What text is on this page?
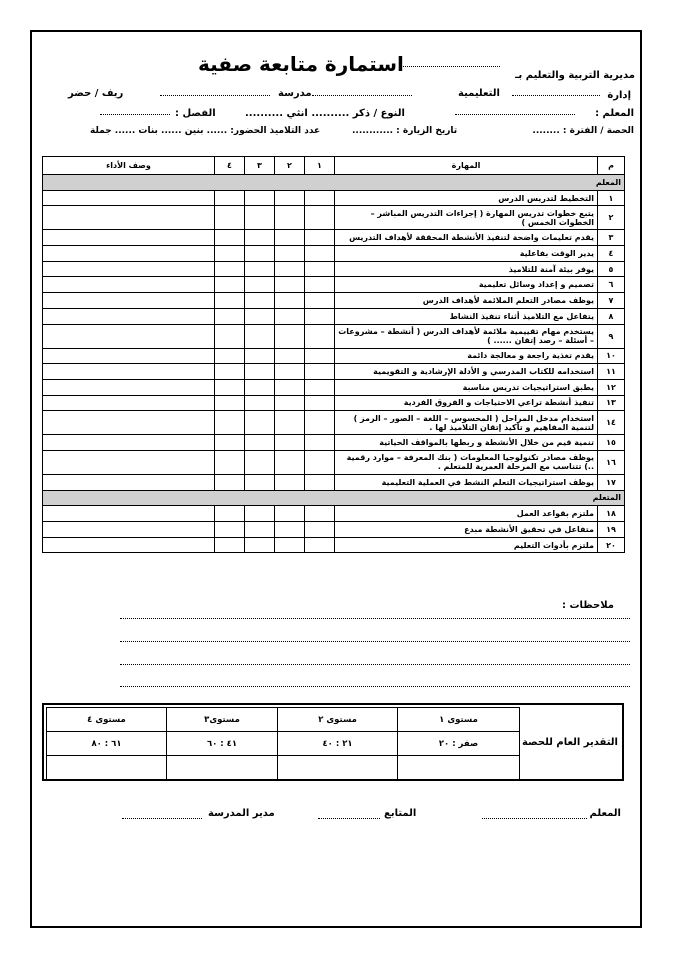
استمارة متابعة صفية	مديرية التربية والتعليم بـ
إدارة
التعليمية
مدرسة
ريف / حضر
المعلم :
النوع / ذكر .......... انثي ..........
الفصل :
الحصة / الفترة : ........
تاريخ الزيارة : ............
عدد التلاميذ الحضور: ...... بنين ...... بنات ...... جملة
وصف الأداء	٤	٣	٢	١	المهارة	م
المعلم						
					التخطيط لتدريس الدرس	١
					يتبع خطوات تدريس المهارة ( إجراءات التدريس المباشر – الخطوات الخمس )	٢
					يقدم تعليمات واضحة لتنفيذ الأنشطة المحققة لأهداف التدريس	٣
					يدير الوقت بفاعلية	٤
					يوفر بيئة آمنة للتلاميذ	٥
					تصميم و إعداد وسائل تعليمية	٦
					يوظف مصادر التعلم الملائمة لأهداف الدرس	٧
					يتفاعل مع التلاميذ أثناء تنفيذ النشاط	٨
					يستخدم مهام تقييمية ملائمة لأهداف الدرس ( أنشطة – مشروعات – أسئلة – رصد إتقان ...... )	٩
					يقدم تغذية راجعة و معالجة دائمة	١٠
					استخدامه للكتاب المدرسي و الأدلة الإرشادية و التقويمية	١١
					يطبق استراتيجيات تدريس مناسبة	١٢
					تنفيذ أنشطة تراعي الاحتياجات و الفروق الفردية	١٣
					استخدام مدخل المراحل ( المحسوس – اللغة – الصور – الرمز ) لتنمية المفاهيم و تأكيد إتقان التلاميذ لها .	١٤
					تنمية قيم من خلال الأنشطة و ربطها بالمواقف الحياتية	١٥
					يوظف مصادر تكنولوجيا المعلومات ( بنك المعرفة – موارد رقمية ..) تتناسب مع المرحلة العمرية للمتعلم .	١٦
					يوظف استراتيجيات التعلم النشط في العملية التعليمية	١٧
المتعلم						
					ملتزم بقواعد العمل	١٨
					متفاعل في تحقيق الأنشطة مبدع	١٩
					ملتزم بأدوات التعليم	٢٠
ملاحظات :
مستوى ٤	مستوى٣	مستوى ٢	مستوى ١
٦١ : ٨٠	٤١ : ٦٠	٢١ : ٤٠	صفر : ٢٠
				التقدير العام للحصة
المعلم
المتابع
مدير المدرسة
